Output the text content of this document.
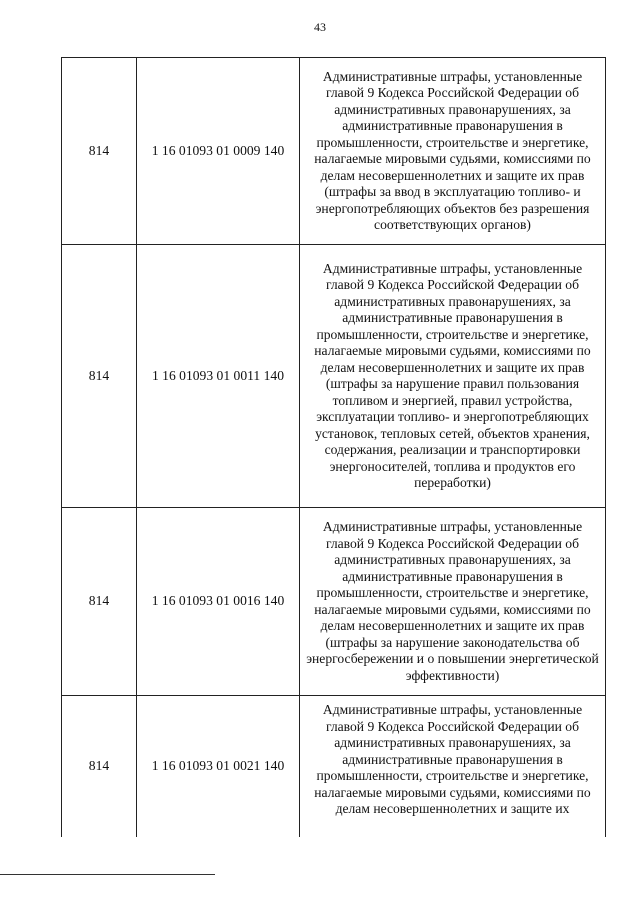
43
814	1 16 01093 01 0009 140	Административные штрафы, установленные главой 9 Кодекса Российской Федерации об административных правонарушениях, за административные правонарушения в промышленности, строительстве и энергетике, налагаемые мировыми судьями, комиссиями по делам несовершеннолетних и защите их прав (штрафы за ввод в эксплуатацию топливо- и энергопотребляющих объектов без разрешения соответствующих органов)
814	1 16 01093 01 0011 140	Административные штрафы, установленные главой 9 Кодекса Российской Федерации об административных правонарушениях, за административные правонарушения в промышленности, строительстве и энергетике, налагаемые мировыми судьями, комиссиями по делам несовершеннолетних и защите их прав (штрафы за нарушение правил пользования топливом и энергией, правил устройства, эксплуатации топливо- и энергопотребляющих установок, тепловых сетей, объектов хранения, содержания, реализации и транспортировки энергоносителей, топлива и продуктов его переработки)
814	1 16 01093 01 0016 140	Административные штрафы, установленные главой 9 Кодекса Российской Федерации об административных правонарушениях, за административные правонарушения в промышленности, строительстве и энергетике, налагаемые мировыми судьями, комиссиями по делам несовершеннолетних и защите их прав (штрафы за нарушение законодательства об энергосбережении и о повышении энергетической эффективности)
814	1 16 01093 01 0021 140	Административные штрафы, установленные главой 9 Кодекса Российской Федерации об административных правонарушениях, за административные правонарушения в промышленности, строительстве и энергетике, налагаемые мировыми судьями, комиссиями по делам несовершеннолетних и защите их
